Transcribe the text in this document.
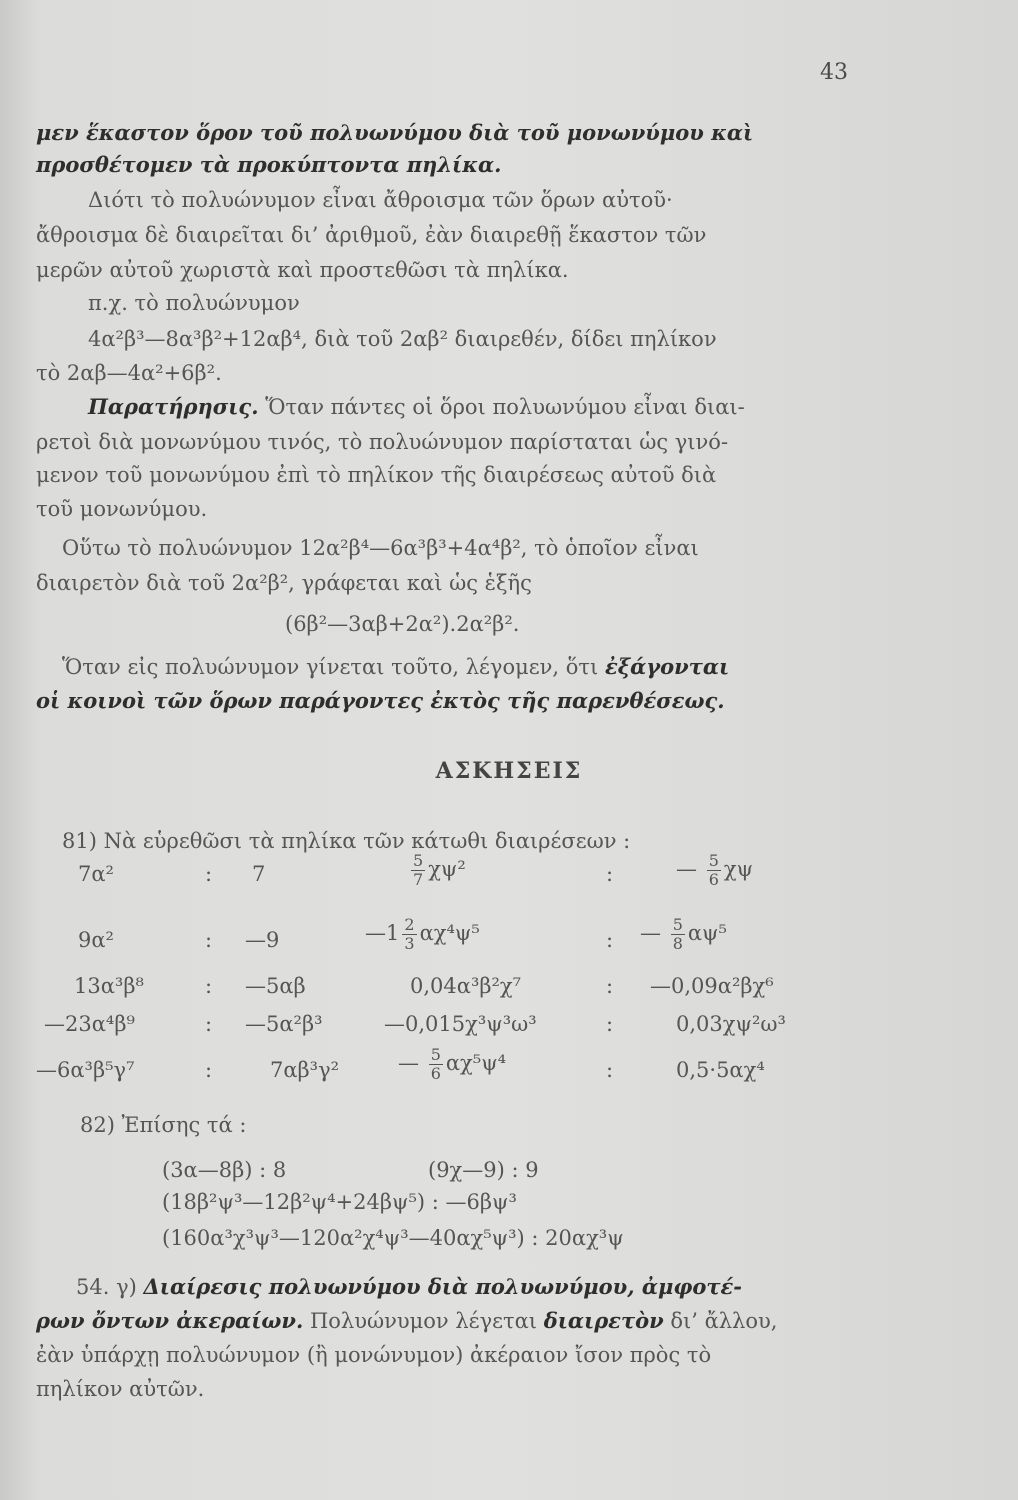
43
μεν ἕκαστον ὅρον τοῦ πολυωνύμου διὰ τοῦ μονωνύμου καὶ
προσθέτομεν τὰ προκύπτοντα πηλίκα.
Διότι τὸ πολυώνυμον εἶναι ἄθροισμα τῶν ὅρων αὐτοῦ·
ἄθροισμα δὲ διαιρεῖται δι’ ἀριθμοῦ, ἐὰν διαιρεθῇ ἕκαστον τῶν
μερῶν αὐτοῦ χωριστὰ καὶ προστεθῶσι τὰ πηλίκα.
π.χ. τὸ πολυώνυμον
4α²β³—8α³β²+12αβ⁴, διὰ τοῦ 2αβ² διαιρεθέν, δίδει πηλίκον
τὸ 2αβ—4α²+6β².
Παρατήρησις. Ὅταν πάντες οἱ ὅροι πολυωνύμου εἶναι διαι-
ρετοὶ διὰ μονωνύμου τινός, τὸ πολυώνυμον παρίσταται ὡς γινό-
μενον τοῦ μονωνύμου ἐπὶ τὸ πηλίκον τῆς διαιρέσεως αὐτοῦ διὰ
τοῦ μονωνύμου.
Οὕτω τὸ πολυώνυμον 12α²β⁴—6α³β³+4α⁴β², τὸ ὁποῖον εἶναι
διαιρετὸν διὰ τοῦ 2α²β², γράφεται καὶ ὡς ἑξῆς
(6β²—3αβ+2α²).2α²β².
Ὅταν εἰς πολυώνυμον γίνεται τοῦτο, λέγομεν, ὅτι ἐξάγονται
οἱ κοινοὶ τῶν ὅρων παράγοντες ἐκτὸς τῆς παρενθέσεως.
ΑΣΚΗΣΕΙΣ
81) Νὰ εὑρεθῶσι τὰ πηλίκα τῶν κάτωθι διαιρέσεων :
7α²	: 7	$\frac{5}{7} \chi\psi^2$	:	— $\frac{5}{6}$ χψ
9α²	: —9	—1 $\frac{2}{3} \alpha\chi^4\psi^5$	: — $\frac{5}{8} \alpha\psi^5$
13α³β⁸	: —5αβ	0,04α³β²χ⁷	: —0,09α²βχ⁶
—23α⁴β⁹	: —5α²β³	—0,015χ³ψ³ω³	:	0,03χψ²ω³
—6α³β⁵γ⁷	:	7αβ³γ²	— $\frac{5}{6} \alpha\chi^5\psi^4$	:	0,5·5αχ⁴
82) Ἐπίσης τά :
(3α—8β) : 8	(9χ—9) : 9
(18β²ψ³—12β²ψ⁴+24βψ⁵) : —6βψ³
(160α³χ³ψ³—120α²χ⁴ψ³—40αχ⁵ψ³) : 20αχ³ψ
54. γ) Διαίρεσις πολυωνύμου διὰ πολυωνύμου, ἀμφοτέ-
ρων ὄντων ἀκεραίων. Πολυώνυμον λέγεται διαιρετὸν δι’ ἄλλου,
ἐὰν ὑπάρχῃ πολυώνυμον (ἢ μονώνυμον) ἀκέραιον ἴσον πρὸς τὸ
πηλίκον αὐτῶν.
